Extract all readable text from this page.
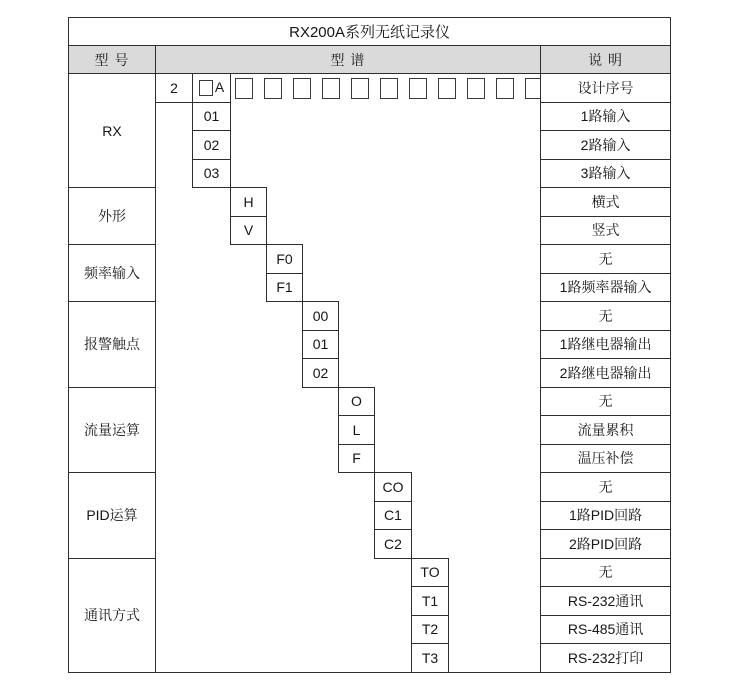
RX200A系列无纸记录仪										
型 号	型 谱									说 明
RX	2	A								设计序号
		01								1路输入
		02								2路输入
		03								3路输入
外形			H							横式
			V							竖式
频率输入				F0						无
				F1						1路频率器输入
报警触点					00					无
					01					1路继电器输出
					02					2路继电器输出
流量运算						O				无
						L				流量累积
						F				温压补偿
PID运算							CO			无
							C1			1路PID回路
							C2			2路PID回路
通讯方式								TO		无
								T1		RS-232通讯
								T2		RS-485通讯
								T3		RS-232打印
